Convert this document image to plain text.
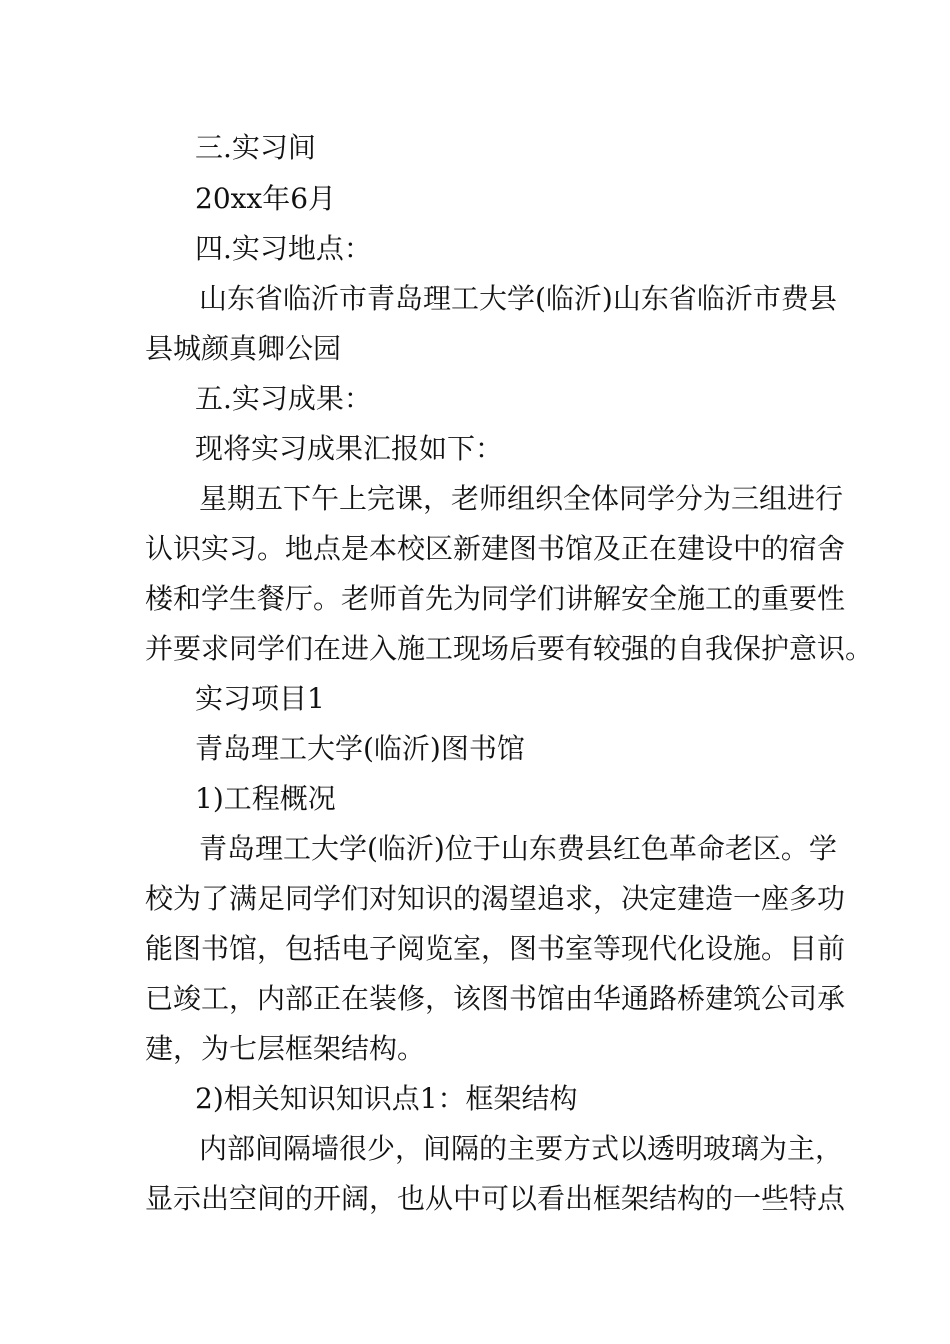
三.实习间
20xx年6月
四.实习地点：
山东省临沂市青岛理工大学(临沂)山东省临沂市费县
县城颜真卿公园
五.实习成果：
现将实习成果汇报如下：
星期五下午上完课，老师组织全体同学分为三组进行
认识实习。地点是本校区新建图书馆及正在建设中的宿舍
楼和学生餐厅。老师首先为同学们讲解安全施工的重要性
并要求同学们在进入施工现场后要有较强的自我保护意识。
实习项目1
青岛理工大学(临沂)图书馆
1)工程概况
青岛理工大学(临沂)位于山东费县红色革命老区。学
校为了满足同学们对知识的渴望追求，决定建造一座多功
能图书馆，包括电子阅览室，图书室等现代化设施。目前
已竣工，内部正在装修，该图书馆由华通路桥建筑公司承
建，为七层框架结构。
2)相关知识知识点1：框架结构
内部间隔墙很少，间隔的主要方式以透明玻璃为主，
显示出空间的开阔，也从中可以看出框架结构的一些特点
